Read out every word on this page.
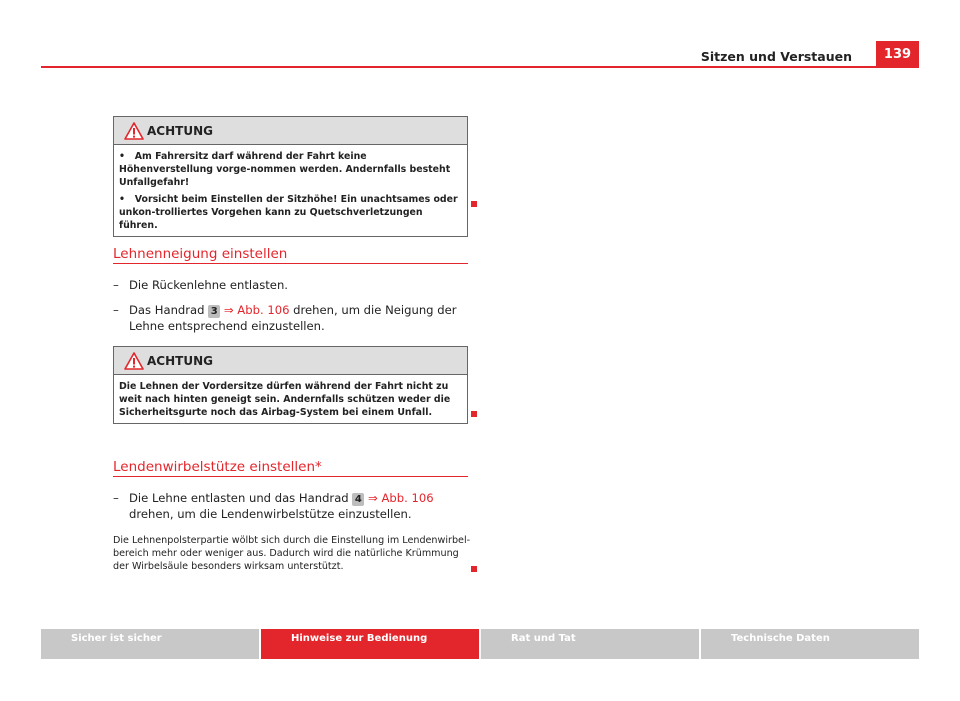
Sitzen und Verstauen	139
ACHTUNG

• Am Fahrersitz darf während der Fahrt keine Höhenverstellung vorge-nommen werden. Andernfalls besteht Unfallgefahr!

• Vorsicht beim Einstellen der Sitzhöhe! Ein unachtsames oder unkon-trolliertes Vorgehen kann zu Quetschverletzungen führen.

Lehnenneigung einstellen
– Die Rückenlehne entlasten.
– Das Handrad 3 ⇒ Abb. 106 drehen, um die Neigung der Lehne entsprechend einzustellen.
ACHTUNG

Die Lehnen der Vordersitze dürfen während der Fahrt nicht zu weit nach hinten geneigt sein. Andernfalls schützen weder die Sicherheitsgurte noch das Airbag-System bei einem Unfall.

Lendenwirbelstütze einstellen*
– Die Lehne entlasten und das Handrad 4 ⇒ Abb. 106 drehen, um die Lendenwirbelstütze einzustellen.
Die Lehnenpolsterpartie wölbt sich durch die Einstellung im Lendenwirbel-bereich mehr oder weniger aus. Dadurch wird die natürliche Krümmung der Wirbelsäule besonders wirksam unterstützt.
Sicher ist sicher	Hinweise zur Bedienung	Rat und Tat	Technische Daten
